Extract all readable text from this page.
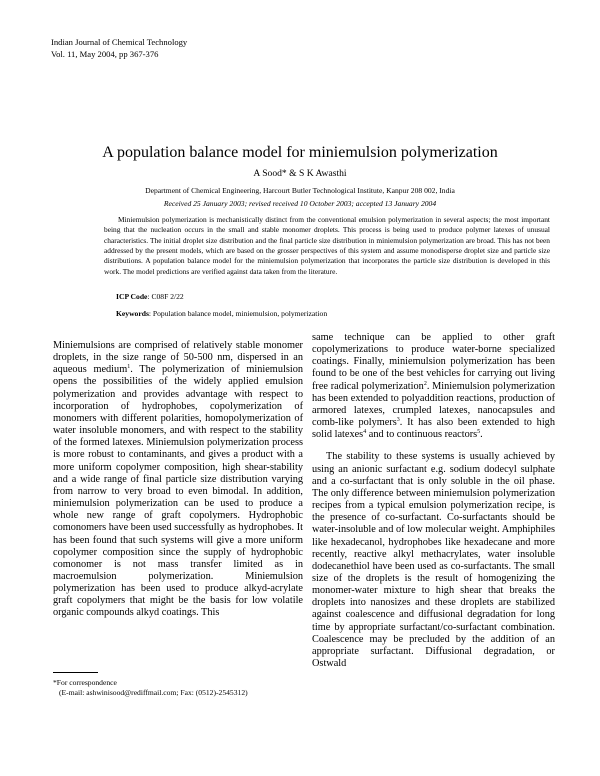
Indian Journal of Chemical Technology
Vol. 11, May 2004, pp 367-376
A population balance model for miniemulsion polymerization
A Sood* & S K Awasthi
Department of Chemical Engineering, Harcourt Butler Technological Institute, Kanpur 208 002, India
Received 25 January 2003; revised received 10 October 2003; accepted 13 January 2004
Miniemulsion polymerization is mechanistically distinct from the conventional emulsion polymerization in several aspects; the most important being that the nucleation occurs in the small and stable monomer droplets. This process is being used to produce polymer latexes of unusual characteristics. The initial droplet size distribution and the final particle size distribution in miniemulsion polymerization are broad. This has not been addressed by the present models, which are based on the grosser perspectives of this system and assume monodisperse droplet size and particle size distributions. A population balance model for the miniemulsion polymerization that incorporates the particle size distribution is developed in this work. The model predictions are verified against data taken from the literature.
ICP Code: C08F 2/22
Keywords: Population balance model, miniemulsion, polymerization

Miniemulsions are comprised of relatively stable monomer droplets, in the size range of 50-500 nm, dispersed in an aqueous medium$^1$. The polymerization of miniemulsion opens the possibilities of the widely applied emulsion polymerization and provides advantage with respect to incorporation of hydrophobes, copolymerization of monomers with different polarities, homopolymerization of water insoluble monomers, and with respect to the stability of the formed latexes. Miniemulsion polymerization process is more robust to contaminants, and gives a product with a more uniform copolymer composition, high shear-stability and a wide range of final particle size distribution varying from narrow to very broad to even bimodal. In addition, miniemulsion polymerization can be used to produce a whole new range of graft copolymers. Hydrophobic comonomers have been used successfully as hydrophobes. It has been found that such systems will give a more uniform copolymer composition since the supply of hydrophobic comonomer is not mass transfer limited as in macroemulsion polymerization. Miniemulsion polymerization has been used to produce alkyd-acrylate graft copolymers that might be the basis for low volatile organic compounds alkyd coatings. This

same technique can be applied to other graft copolymerizations to produce water-borne specialized coatings. Finally, miniemulsion polymerization has been found to be one of the best vehicles for carrying out living free radical polymerization$^2$. Miniemulsion polymerization has been extended to polyaddition reactions, production of armored latexes, crumpled latexes, nanocapsules and comb-like polymers$^3$. It has also been extended to high solid latexes$^4$ and to continuous reactors$^5$.

The stability to these systems is usually achieved by using an anionic surfactant e.g. sodium dodecyl sulphate and a co-surfactant that is only soluble in the oil phase. The only difference between miniemulsion polymerization recipes from a typical emulsion polymerization recipe, is the presence of co-surfactant. Co-surfactants should be water-insoluble and of low molecular weight. Amphiphiles like hexadecanol, hydrophobes like hexadecane and more recently, reactive alkyl methacrylates, water insoluble dodecanethiol have been used as co-surfactants. The small size of the droplets is the result of homogenizing the monomer-water mixture to high shear that breaks the droplets into nanosizes and these droplets are stabilized against coalescence and diffusional degradation for long time by appropriate surfactant/co-surfactant combination. Coalescence may be precluded by the addition of an appropriate surfactant. Diffusional degradation, or Ostwald

*For correspondence
(E-mail: ashwinisood@rediffmail.com; Fax: (0512)-2545312)
